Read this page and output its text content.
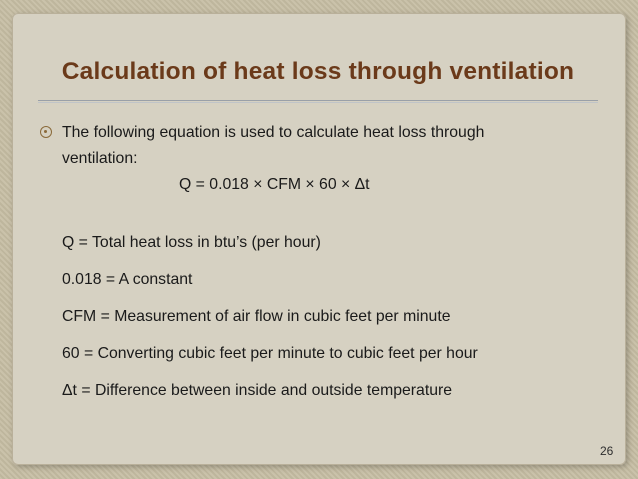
Calculation of heat loss through ventilation
The following equation is used to calculate heat loss through
ventilation:
Q = 0.018 × CFM × 60 × Δt
Q = Total heat loss in btu’s (per hour)
0.018 = A constant
CFM = Measurement of air flow in cubic feet per minute
60 = Converting cubic feet per minute to cubic feet per hour
Δt = Difference between inside and outside temperature
26
